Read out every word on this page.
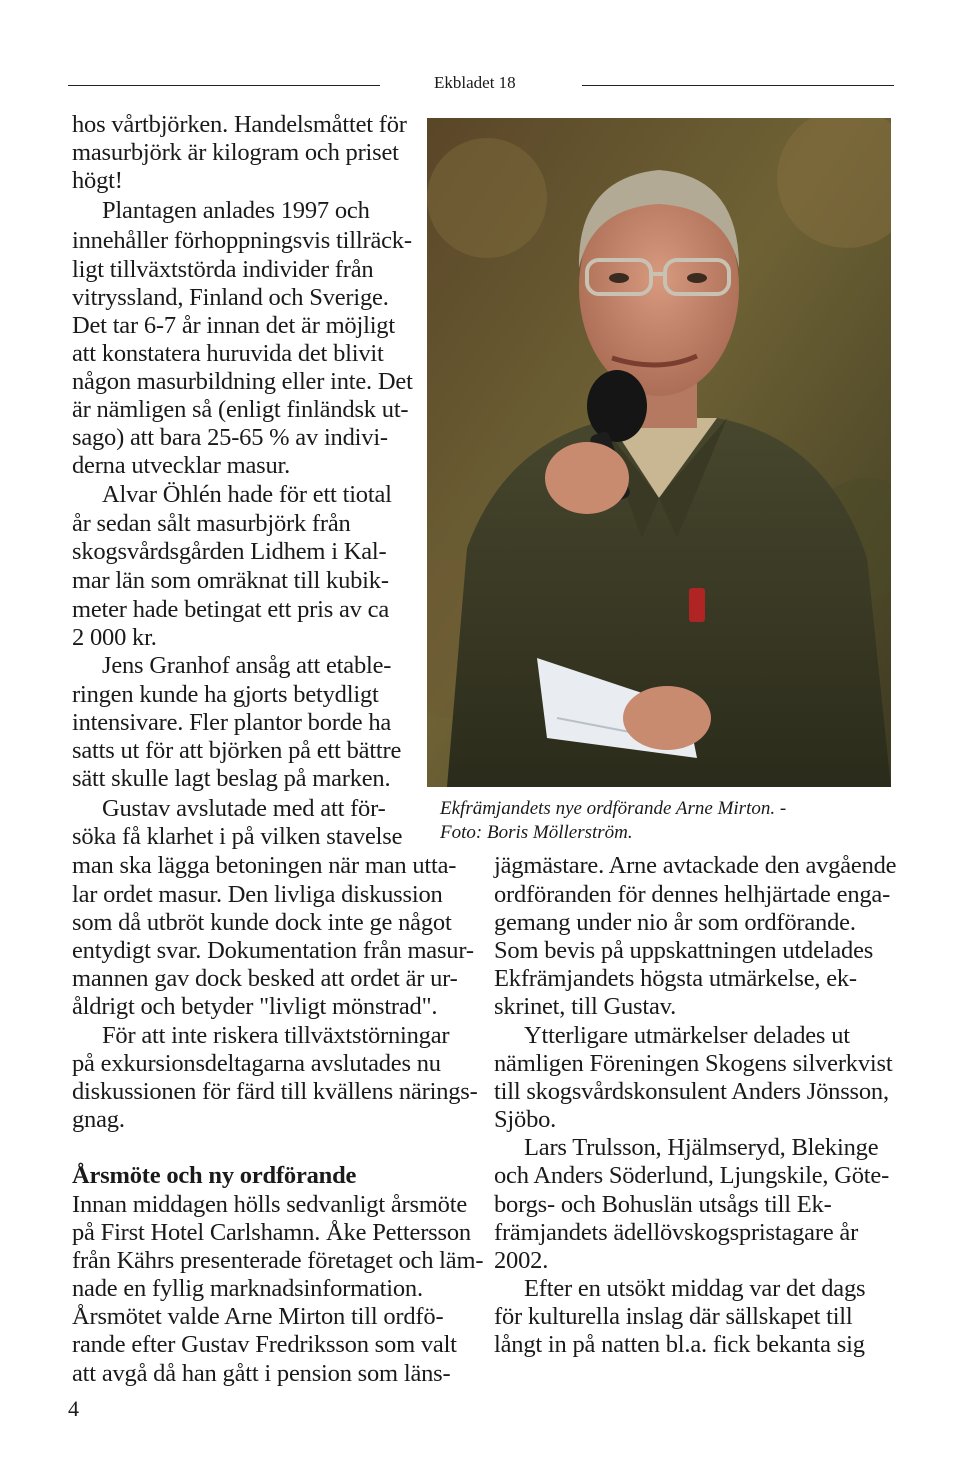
Ekbladet 18
hos vårtbjörken. Handelsmåttet för
masurbjörk är kilogram och priset
högt!
Plantagen anlades 1997 och
innehåller förhoppningsvis tillräck-
ligt tillväxtstörda individer från
vitryssland, Finland och Sverige.
Det tar 6-7 år innan det är möjligt
att konstatera huruvida det blivit
någon masurbildning eller inte. Det
är nämligen så (enligt finländsk ut-
sago) att bara 25-65 % av indivi-
derna utvecklar masur.
Alvar Öhlén hade för ett tiotal
år sedan sålt masurbjörk från
skogsvårdsgården Lidhem i Kal-
mar län som omräknat till kubik-
meter hade betingat ett pris av ca
2 000 kr.
Jens Granhof ansåg att etable-
ringen kunde ha gjorts betydligt
intensivare. Fler plantor borde ha
satts ut för att björken på ett bättre
sätt skulle lagt beslag på marken.
Gustav avslutade med att för-
söka få klarhet i på vilken stavelse
man ska lägga betoningen när man utta-
lar ordet masur. Den livliga diskussion
som då utbröt kunde dock inte ge något
entydigt svar. Dokumentation från masur-
mannen gav dock besked att ordet är ur-
åldrigt och betyder "livligt mönstrad".
För att inte riskera tillväxtstörningar
på exkursionsdeltagarna avslutades nu
diskussionen för färd till kvällens närings-
gnag.
Årsmöte och ny ordförande
Innan middagen hölls sedvanligt årsmöte
på First Hotel Carlshamn. Åke Pettersson
från Kährs presenterade företaget och läm-
nade en fyllig marknadsinformation.
Årsmötet valde Arne Mirton till ordfö-
rande efter Gustav Fredriksson som valt
att avgå då han gått i pension som läns-
Ekfrämjandets nye ordförande Arne Mirton. -
Foto: Boris Möllerström.
jägmästare. Arne avtackade den avgående
ordföranden för dennes helhjärtade enga-
gemang under nio år som ordförande.
Som bevis på uppskattningen utdelades
Ekfrämjandets högsta utmärkelse, ek-
skrinet, till Gustav.
Ytterligare utmärkelser delades ut
nämligen Föreningen Skogens silverkvist
till skogsvårdskonsulent Anders Jönsson,
Sjöbo.
Lars Trulsson, Hjälmseryd, Blekinge
och Anders Söderlund, Ljungskile, Göte-
borgs- och Bohuslän utsågs till Ek-
främjandets ädellövskogspristagare år
2002.
Efter en utsökt middag var det dags
för kulturella inslag där sällskapet till
långt in på natten bl.a. fick bekanta sig
4
